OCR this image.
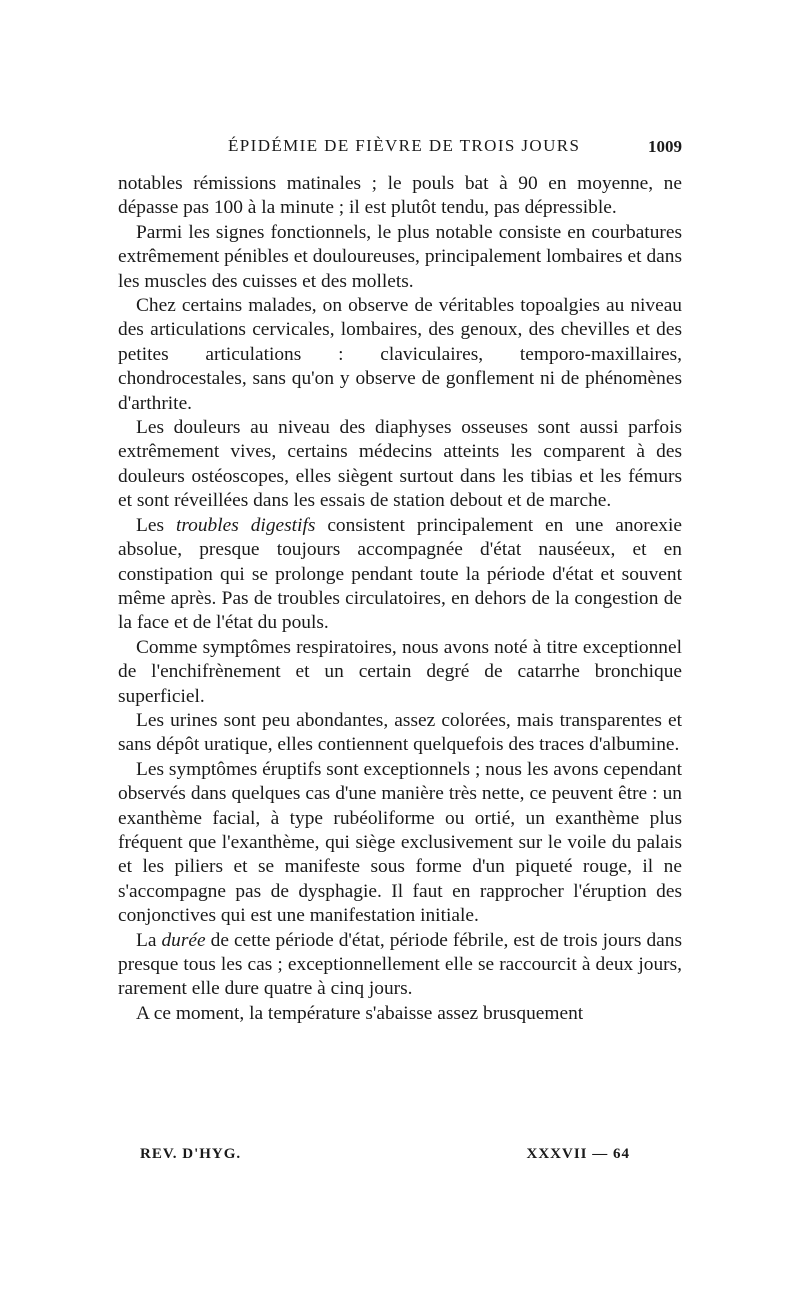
ÉPIDÉMIE DE FIÈVRE DE TROIS JOURS	1009

notables rémissions matinales ; le pouls bat à 90 en moyenne, ne dépasse pas 100 à la minute ; il est plutôt tendu, pas dépressible.

Parmi les signes fonctionnels, le plus notable consiste en courbatures extrêmement pénibles et douloureuses, principalement lombaires et dans les muscles des cuisses et des mollets.

Chez certains malades, on observe de véritables topoalgies au niveau des articulations cervicales, lombaires, des genoux, des chevilles et des petites articulations : claviculaires, temporo-maxillaires, chondrocestales, sans qu'on y observe de gonflement ni de phénomènes d'arthrite.

Les douleurs au niveau des diaphyses osseuses sont aussi parfois extrêmement vives, certains médecins atteints les comparent à des douleurs ostéoscopes, elles siègent surtout dans les tibias et les fémurs et sont réveillées dans les essais de station debout et de marche.

Les troubles digestifs consistent principalement en une anorexie absolue, presque toujours accompagnée d'état nauséeux, et en constipation qui se prolonge pendant toute la période d'état et souvent même après. Pas de troubles circulatoires, en dehors de la congestion de la face et de l'état du pouls.

Comme symptômes respiratoires, nous avons noté à titre exceptionnel de l'enchifrènement et un certain degré de catarrhe bronchique superficiel.

Les urines sont peu abondantes, assez colorées, mais transparentes et sans dépôt uratique, elles contiennent quelquefois des traces d'albumine.

Les symptômes éruptifs sont exceptionnels ; nous les avons cependant observés dans quelques cas d'une manière très nette, ce peuvent être : un exanthème facial, à type rubéoliforme ou ortié, un exanthème plus fréquent que l'exanthème, qui siège exclusivement sur le voile du palais et les piliers et se manifeste sous forme d'un piqueté rouge, il ne s'accompagne pas de dysphagie. Il faut en rapprocher l'éruption des conjonctives qui est une manifestation initiale.

La durée de cette période d'état, période fébrile, est de trois jours dans presque tous les cas ; exceptionnellement elle se raccourcit à deux jours, rarement elle dure quatre à cinq jours.

A ce moment, la température s'abaisse assez brusquement

REV. D'HYG.	XXXVII — 64
